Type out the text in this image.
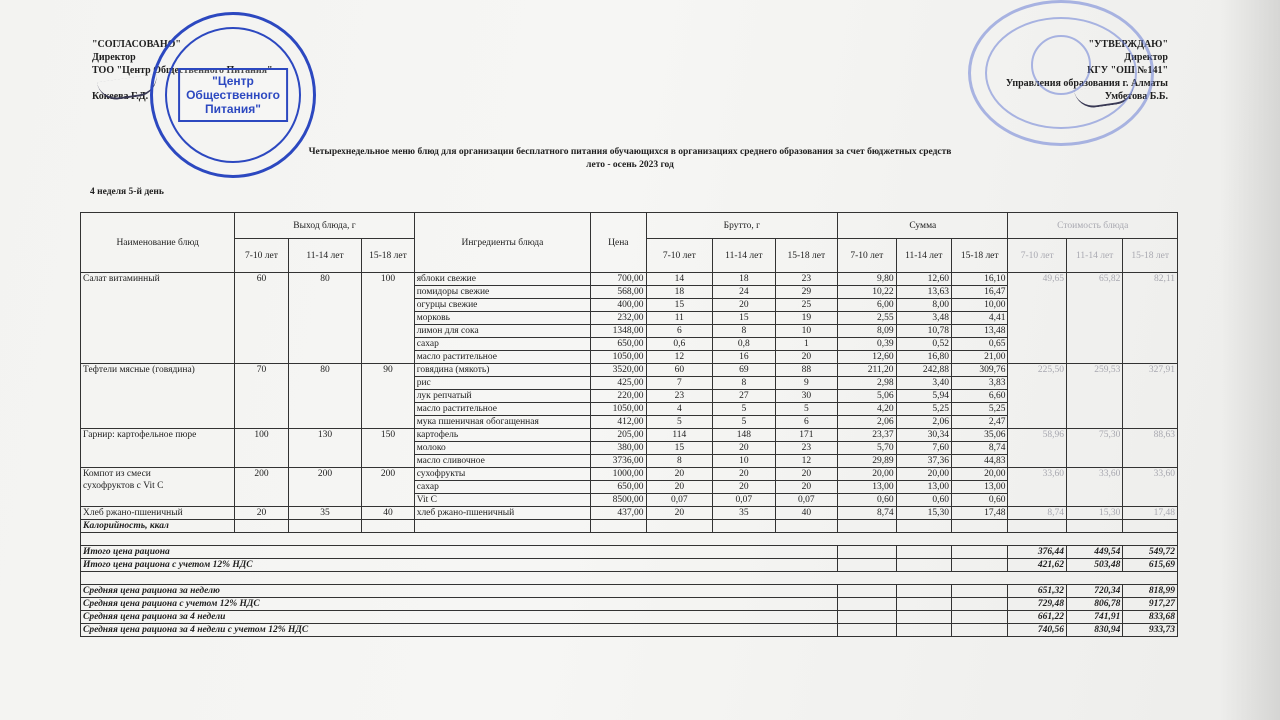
"СОГЛАСОВАНО"
Директор
ТОО "Центр Общественного Питания"

Кокеева Г.Д.
"Центр
Общественного
Питания"
"УТВЕРЖДАЮ"
Директор
КГУ "ОШ №141"
Управления образования г. Алматы
Умбетова Б.Б.
Четырехнедельное меню блюд для организации бесплатного питания обучающихся в организациях среднего образования за счет бюджетных средств
лето - осень 2023 год
4 неделя 5-й день
Наименование блюд	Выход блюда, г			Ингредиенты блюда	Цена	Брутто, г			Сумма			Стоимость блюда		
	7-10 лет	11-14 лет	15-18 лет			7-10 лет	11-14 лет	15-18 лет	7-10 лет	11-14 лет	15-18 лет	7-10 лет	11-14 лет	15-18 лет

Салат витаминный	60	80	100	яблоки свежие	700,00	14	18	23	9,80	12,60	16,10	49,65	65,82	82,11
				помидоры свежие	568,00	18	24	29	10,22	13,63	16,47			
				огурцы свежие	400,00	15	20	25	6,00	8,00	10,00			
				морковь	232,00	11	15	19	2,55	3,48	4,41			
				лимон для сока	1348,00	6	8	10	8,09	10,78	13,48			
				сахар	650,00	0,6	0,8	1	0,39	0,52	0,65			
				масло растительное	1050,00	12	16	20	12,60	16,80	21,00			

Тефтели мясные (говядина)	70	80	90	говядина (мякоть)	3520,00	60	69	88	211,20	242,88	309,76	225,50	259,53	327,91
				рис	425,00	7	8	9	2,98	3,40	3,83			
				лук репчатый	220,00	23	27	30	5,06	5,94	6,60			
				масло растительное	1050,00	4	5	5	4,20	5,25	5,25			
				мука пшеничная обогащенная	412,00	5	5	6	2,06	2,06	2,47			

Гарнир: картофельное пюре	100	130	150	картофель	205,00	114	148	171	23,37	30,34	35,06	58,96	75,30	88,63
				молоко	380,00	15	20	23	5,70	7,60	8,74			
				масло сливочное	3736,00	8	10	12	29,89	37,36	44,83			

Компот из смеси
сухофруктов с Vit C	200	200	200	сухофрукты	1000,00	20	20	20	20,00	20,00	20,00	33,60	33,60	33,60
				сахар	650,00	20	20	20	13,00	13,00	13,00			
				Vit C	8500,00	0,07	0,07	0,07	0,60	0,60	0,60			

Хлеб ржано-пшеничный	20	35	40	хлеб ржано-пшеничный	437,00	20	35	40	8,74	15,30	17,48	8,74	15,30	17,48
Калорийность, ккал														

Итого цена рациона												376,44	449,54	549,72
Итого цена рациона с учетом 12% НДС												421,62	503,48	615,69

Средняя цена рациона за неделю												651,32	720,34	818,99
Средняя цена рациона с учетом 12% НДС												729,48	806,78	917,27
Средняя цена рациона за 4 недели												661,22	741,91	833,68
Средняя цена рациона за 4 недели с учетом 12% НДС												740,56	830,94	933,73
